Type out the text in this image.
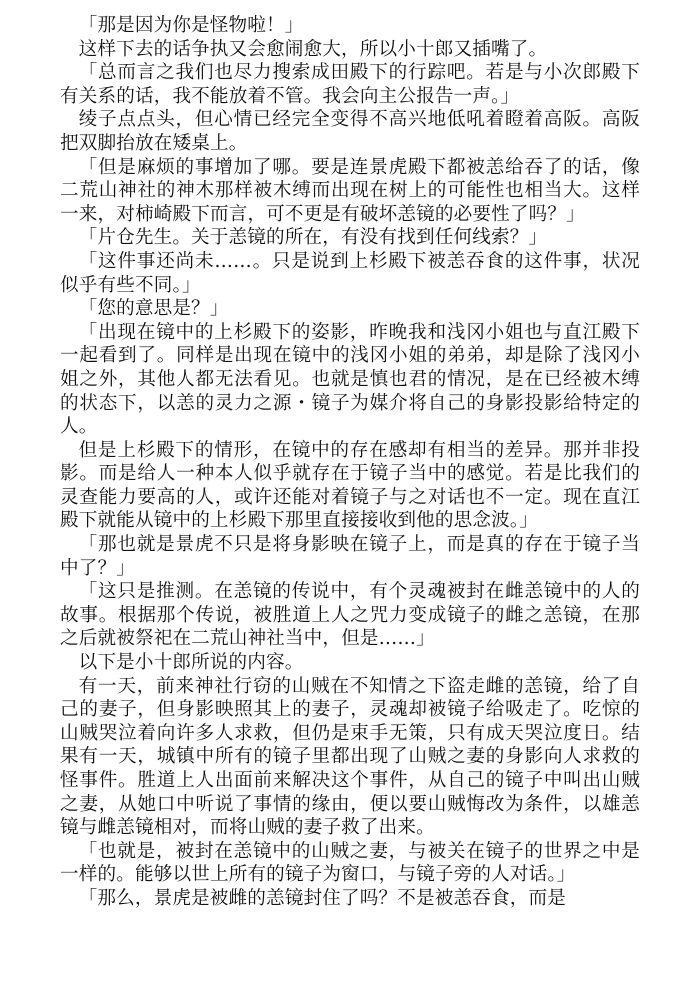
「那是因为你是怪物啦！」

这样下去的话争执又会愈闹愈大，所以小十郎又插嘴了。

「总而言之我们也尽力搜索成田殿下的行踪吧。若是与小次郎殿下有关系的话，我不能放着不管。我会向主公报告一声。」

绫子点点头，但心情已经完全变得不高兴地低吼着瞪着高阪。高阪把双脚抬放在矮桌上。

「但是麻烦的事增加了哪。要是连景虎殿下都被恙给吞了的话，像二荒山神社的神木那样被木缚而出现在树上的可能性也相当大。这样一来，对柿崎殿下而言，可不更是有破坏恙镜的必要性了吗？」

「片仓先生。关于恙镜的所在，有没有找到任何线索？」

「这件事还尚未……。只是说到上杉殿下被恙吞食的这件事，状况似乎有些不同。」

「您的意思是？」

「出现在镜中的上杉殿下的姿影，昨晚我和浅冈小姐也与直江殿下一起看到了。同样是出现在镜中的浅冈小姐的弟弟，却是除了浅冈小姐之外，其他人都无法看见。也就是慎也君的情况，是在已经被木缚的状态下，以恙的灵力之源・镜子为媒介将自己的身影投影给特定的人。

但是上杉殿下的情形，在镜中的存在感却有相当的差异。那并非投影。而是给人一种本人似乎就存在于镜子当中的感觉。若是比我们的灵查能力要高的人，或许还能对着镜子与之对话也不一定。现在直江殿下就能从镜中的上杉殿下那里直接接收到他的思念波。」

「那也就是景虎不只是将身影映在镜子上，而是真的存在于镜子当中了？」

「这只是推测。在恙镜的传说中，有个灵魂被封在雌恙镜中的人的故事。根据那个传说，被胜道上人之咒力变成镜子的雌之恙镜，在那之后就被祭祀在二荒山神社当中，但是……」

以下是小十郎所说的内容。

有一天，前来神社行窃的山贼在不知情之下盗走雌的恙镜，给了自己的妻子，但身影映照其上的妻子，灵魂却被镜子给吸走了。吃惊的山贼哭泣着向许多人求救，但仍是束手无策，只有成天哭泣度日。结果有一天，城镇中所有的镜子里都出现了山贼之妻的身影向人求救的怪事件。胜道上人出面前来解决这个事件，从自己的镜子中叫出山贼之妻，从她口中听说了事情的缘由，便以要山贼悔改为条件，以雄恙镜与雌恙镜相对，而将山贼的妻子救了出来。

「也就是，被封在恙镜中的山贼之妻，与被关在镜子的世界之中是一样的。能够以世上所有的镜子为窗口，与镜子旁的人对话。」

「那么，景虎是被雌的恙镜封住了吗？不是被恙吞食，而是
